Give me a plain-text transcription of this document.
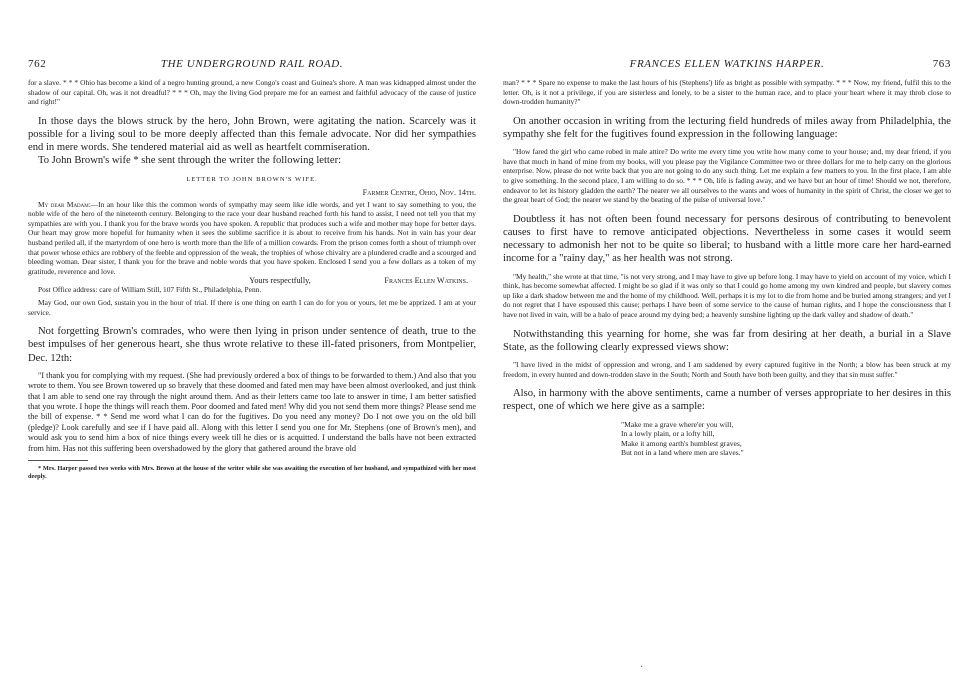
762	THE UNDERGROUND RAIL ROAD.

for a slave. * * * Ohio has become a kind of a negro hunting ground, a new Congo's coast and Guinea's shore. A man was kidnapped almost under the shadow of our capital. Oh, was it not dreadful? * * * Oh, may the living God prepare me for an earnest and faithful advocacy of the cause of justice and right!"

In those days the blows struck by the hero, John Brown, were agitating the nation. Scarcely was it possible for a living soul to be more deeply affected than this female advocate. Nor did her sympathies end in mere words. She tendered material aid as well as heartfelt commiseration.

To John Brown's wife * she sent through the writer the following letter:

LETTER TO JOHN BROWN'S WIFE.

Farmer Centre, Ohio, Nov. 14th.

My dear Madam:—In an hour like this the common words of sympathy may seem like idle words, and yet I want to say something to you, the noble wife of the hero of the nineteenth century. Belonging to the race your dear husband reached forth his hand to assist, I need not tell you that my sympathies are with you. I thank you for the brave words you have spoken. A republic that produces such a wife and mother may hope for better days. Our heart may grow more hopeful for humanity when it sees the sublime sacrifice it is about to receive from his hands. Not in vain has your dear husband periled all, if the martyrdom of one hero is worth more than the life of a million cowards. From the prison comes forth a shout of triumph over that power whose ethics are robbery of the feeble and oppression of the weak, the trophies of whose chivalry are a plundered cradle and a scourged and bleeding woman. Dear sister, I thank you for the brave and noble words that you have spoken. Enclosed I send you a few dollars as a token of my gratitude, reverence and love.

Yours respectfully,	Frances Ellen Watkins.

Post Office address: care of William Still, 107 Fifth St., Philadelphia, Penn.

May God, our own God, sustain you in the hour of trial. If there is one thing on earth I can do for you or yours, let me be apprized. I am at your service.

Not forgetting Brown's comrades, who were then lying in prison under sentence of death, true to the best impulses of her generous heart, she thus wrote relative to these ill-fated prisoners, from Montpelier, Dec. 12th:

"I thank you for complying with my request. (She had previously ordered a box of things to be forwarded to them.) And also that you wrote to them. You see Brown towered up so bravely that these doomed and fated men may have been almost overlooked, and just think that I am able to send one ray through the night around them. And as their letters came too late to answer in time, I am better satisfied that you wrote. I hope the things will reach them. Poor doomed and fated men! Why did you not send them more things? Please send me the bill of expense. * * Send me word what I can do for the fugitives. Do you need any money? Do I not owe you on the old bill (pledge)? Look carefully and see if I have paid all. Along with this letter I send you one for Mr. Stephens (one of Brown's men), and would ask you to send him a box of nice things every week till he dies or is acquitted. I understand the balls have not been extracted from him. Has not this suffering been overshadowed by the glory that gathered around the brave old

* Mrs. Harper passed two weeks with Mrs. Brown at the house of the writer while she was awaiting the execution of her husband, and sympathized with her most deeply.

FRANCES ELLEN WATKINS HARPER.	763

man? * * * Spare no expense to make the last hours of his (Stephens') life as bright as possible with sympathy. * * * Now, my friend, fulfil this to the letter. Oh, is it not a privilege, if you are sisterless and lonely, to be a sister to the human race, and to place your heart where it may throb close to down-trodden humanity?"

On another occasion in writing from the lecturing field hundreds of miles away from Philadelphia, the sympathy she felt for the fugitives found expression in the following language:

"How fared the girl who came robed in male attire? Do write me every time you write how many come to your house; and, my dear friend, if you have that much in hand of mine from my books, will you please pay the Vigilance Committee two or three dollars for me to help carry on the glorious enterprise. Now, please do not write back that you are not going to do any such thing. Let me explain a few matters to you. In the first place, I am able to give something. In the second place, I am willing to do so. * * * Oh, life is fading away, and we have but an hour of time! Should we not, therefore, endeavor to let its history gladden the earth? The nearer we all ourselves to the wants and woes of humanity in the spirit of Christ, the closer we get to the great heart of God; the nearer we stand by the beating of the pulse of universal love."

Doubtless it has not often been found necessary for persons desirous of contributing to benevolent causes to first have to remove anticipated objections. Nevertheless in some cases it would seem necessary to admonish her not to be quite so liberal; to husband with a little more care her hard-earned income for a "rainy day," as her health was not strong.

"My health," she wrote at that time, "is not very strong, and I may have to give up before long. I may have to yield on account of my voice, which I think, has become somewhat affected. I might be so glad if it was only so that I could go home among my own kindred and people, but slavery comes up like a dark shadow between me and the home of my childhood. Well, perhaps it is my lot to die from home and be buried among strangers; and yet I do not regret that I have espoused this cause; perhaps I have been of some service to the cause of human rights, and I hope the consciousness that I have not lived in vain, will be a halo of peace around my dying bed; a heavenly sunshine lighting up the dark valley and shadow of death."

Notwithstanding this yearning for home, she was far from desiring at her death, a burial in a Slave State, as the following clearly expressed views show:

"I have lived in the midst of oppression and wrong, and I am saddened by every captured fugitive in the North; a blow has been struck at my freedom, in every hunted and down-trodden slave in the South; North and South have both been guilty, and they that sin must suffer."

Also, in harmony with the above sentiments, came a number of verses appropriate to her desires in this respect, one of which we here give as a sample:

"Make me a grave where'er you will,
In a lowly plain, or a lofty hill,
Make it among earth's humblest graves,
But not in a land where men are slaves."
·
